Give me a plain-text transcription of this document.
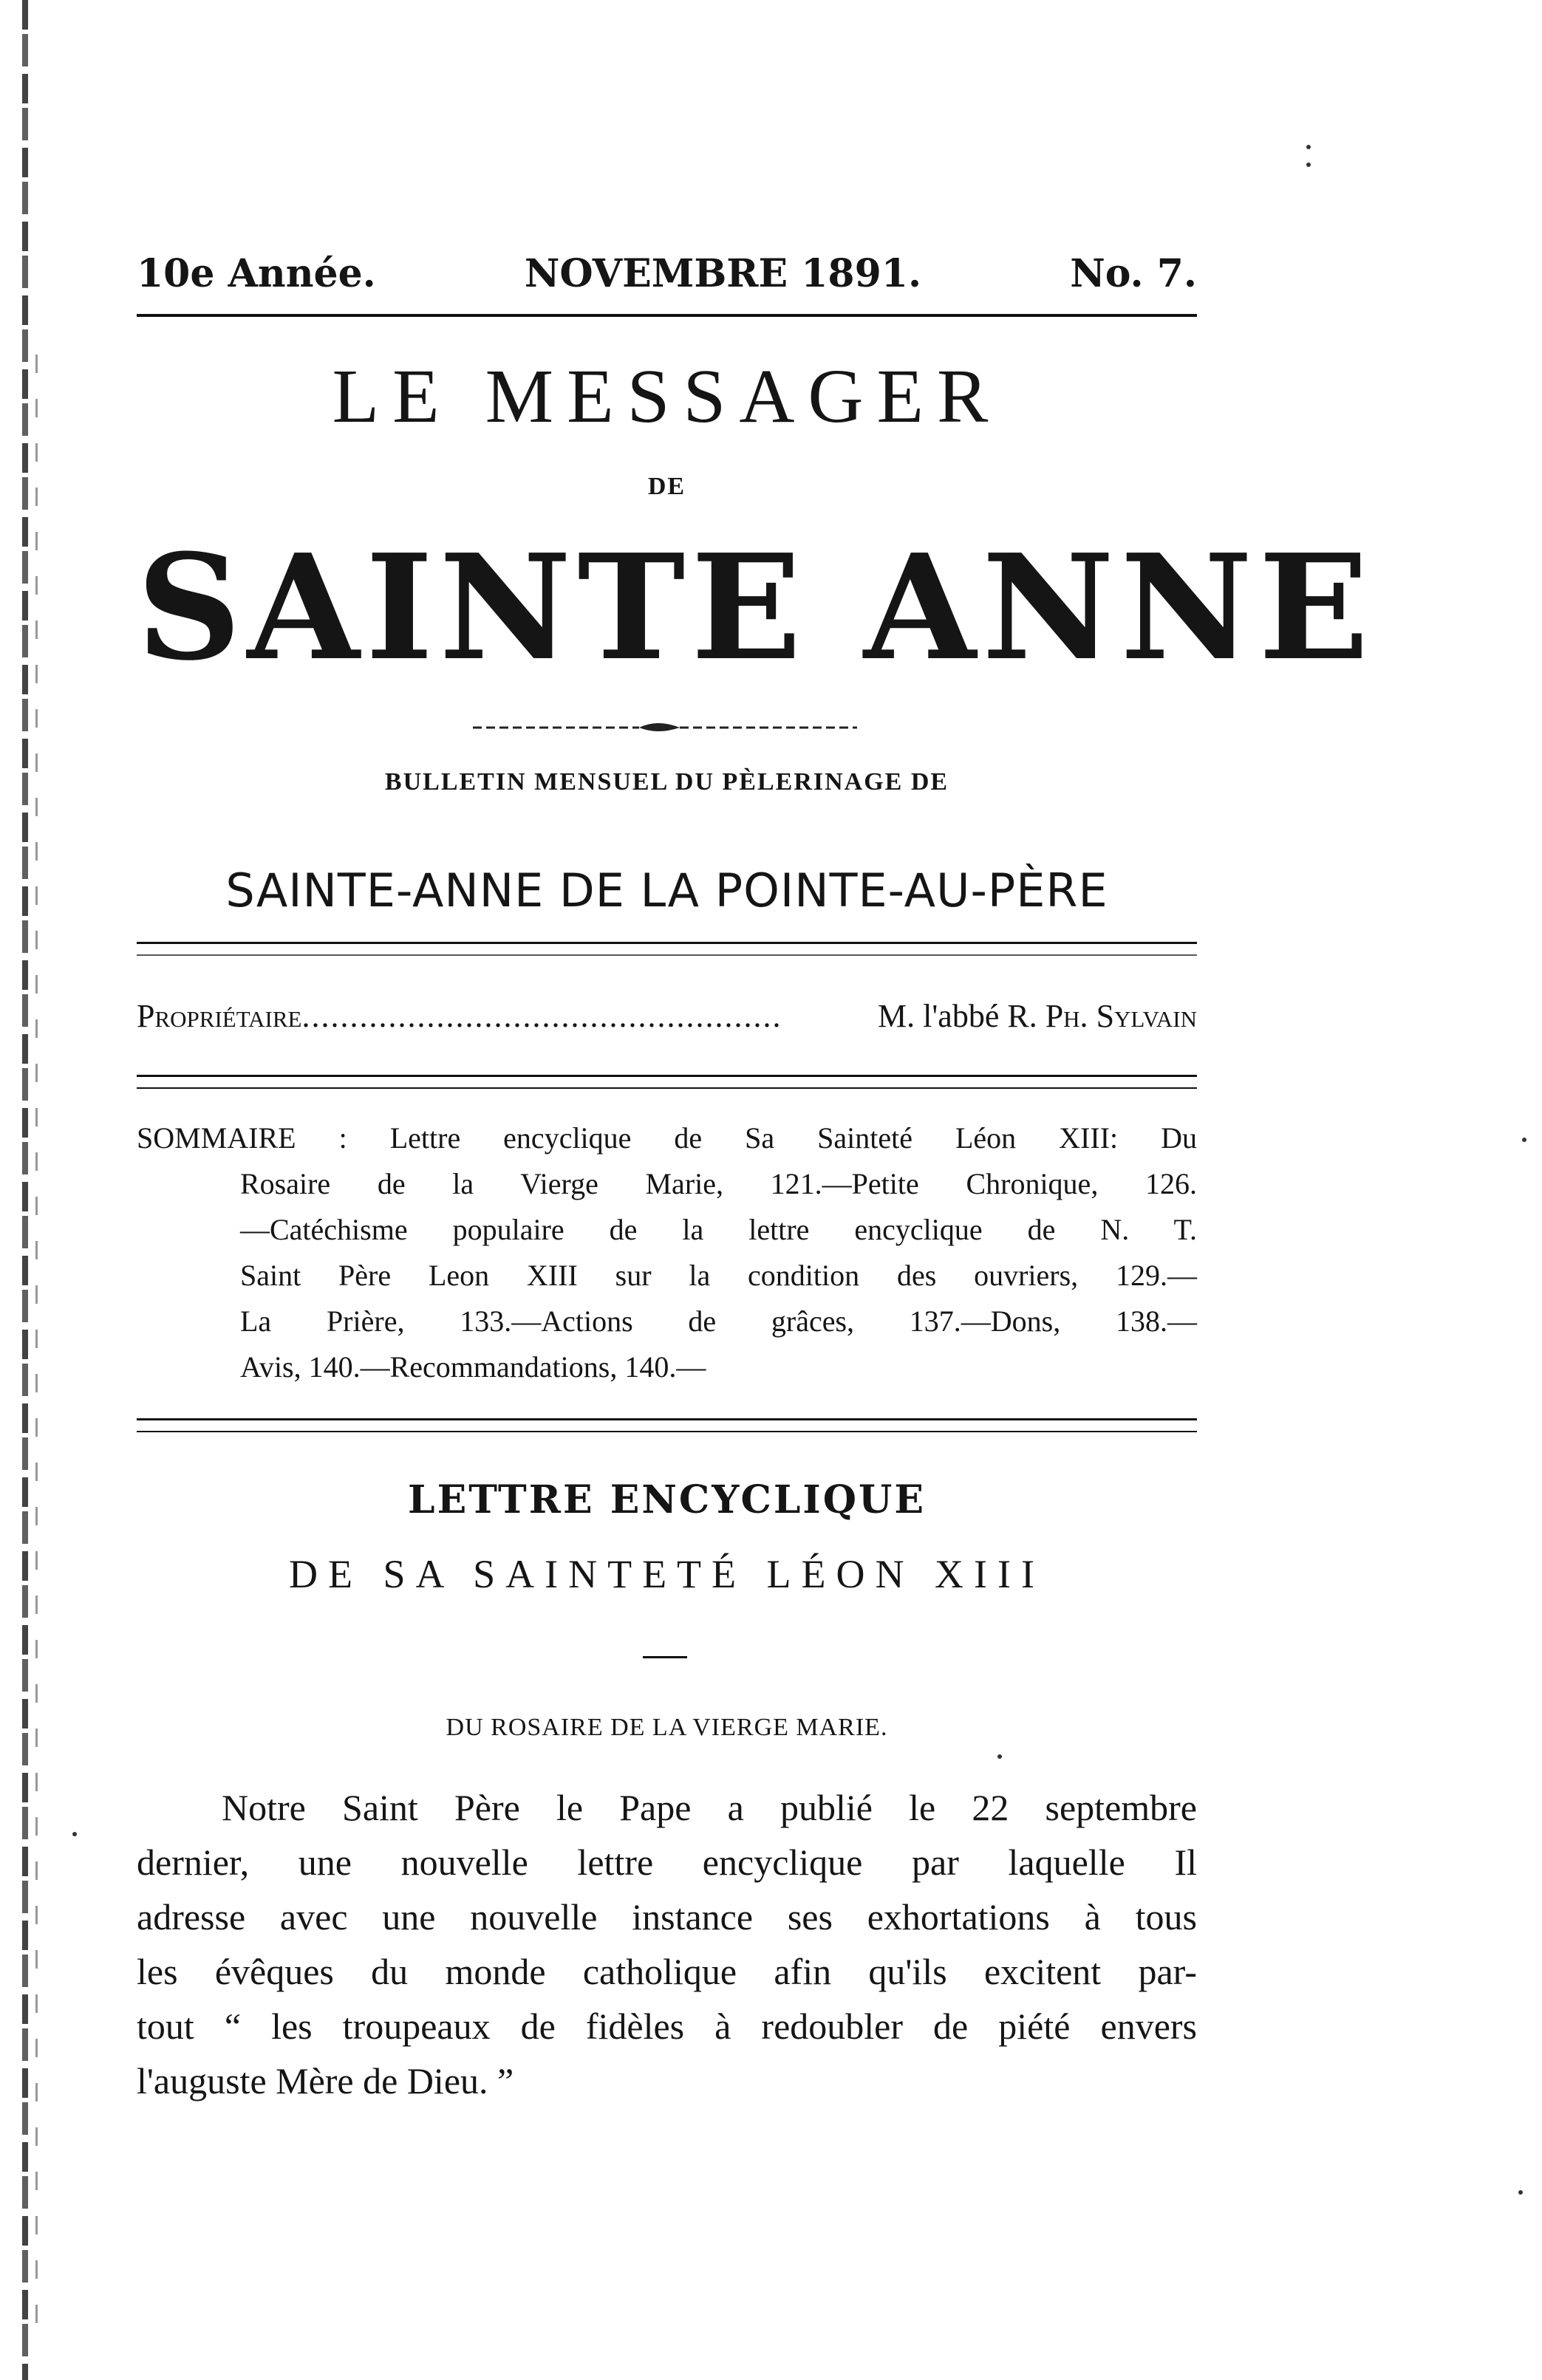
10e Année.	NOVEMBRE 1891.	No. 7.
LE MESSAGER
DE
SAINTE ANNE
BULLETIN MENSUEL DU PÈLERINAGE DE
SAINTE-ANNE DE LA POINTE-AU-PÈRE
Propriétaire ..................................................	M. l'abbé R. Ph. Sylvain
SOMMAIRE : Lettre encyclique de Sa Sainteté Léon XIII: Du
Rosaire de la Vierge Marie, 121.—Petite Chronique, 126.
—Catéchisme populaire de la lettre encyclique de N. T.
Saint Père Leon XIII sur la condition des ouvriers, 129.—
La Prière, 133.—Actions de grâces, 137.—Dons, 138.—
Avis, 140.—Recommandations, 140.—
LETTRE ENCYCLIQUE
DE SA SAINTETÉ LÉON XIII
DU ROSAIRE DE LA VIERGE MARIE.
Notre Saint Père le Pape a publié le 22 septembre
dernier, une nouvelle lettre encyclique par laquelle Il
adresse avec une nouvelle instance ses exhortations à tous
les évêques du monde catholique afin qu'ils excitent par-
tout “ les troupeaux de fidèles à redoubler de piété envers
l'auguste Mère de Dieu. ”
